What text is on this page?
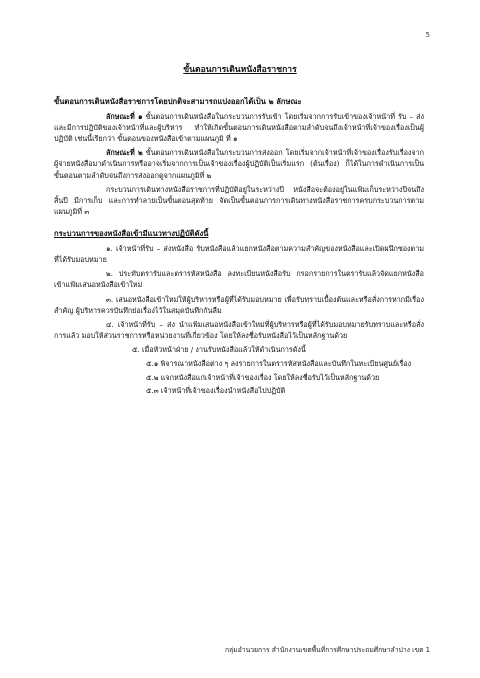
5
ขั้นตอนการเดินหนังสือราชการ

ขั้นตอนการเดินหนังสือราชการโดยปกติจะสามารถแบ่งออกได้เป็น ๒ ลักษณะ

ลักษณะที่ ๑ ขั้นตอนการเดินหนังสือในกระบวนการรับเข้า โดยเริ่มจากการรับเข้าของเจ้าหน้าที่ รับ – ส่ง และมีการปฏิบัติของเจ้าหน้าที่และผู้บริหาร ทำให้เกิดขั้นตอนการเดินหนังสือตามลำดับจนถึงเจ้าหน้าที่เจ้าของเรื่องเป็นผู้ปฏิบัติ เช่นนี้เรียกว่า ขั้นตอนของหนังสือเข้าตามแผนภูมิ ที่ ๑

ลักษณะที่ ๒ ขั้นตอนการเดินหนังสือในกระบวนการส่งออก โดยเริ่มจากเจ้าหน้าที่เจ้าของเรื่องรับเรื่องจากผู้จ่ายหนังสือมาดำเนินการหรืออาจเริ่มจากการเป็นเจ้าของเรื่องผู้ปฏิบัติเป็นเริ่มแรก (ต้นเรื่อง) ก็ได้ในการดำเนินการเป็นขั้นตอนตามลำดับจนถึงการส่งออกดูจากแผนภูมิที่ ๒

กระบวนการเดินทางหนังสือราชการที่ปฏิบัติอยู่ในระหว่างปี หนังสือจะต้องอยู่ในแฟ้มเก็บระหว่างปีจนถึงสิ้นปี มีการเก็บ และการทำลายเป็นขั้นตอนสุดท้าย จัดเป็นขั้นตอนการการเดินทางหนังสือราชการครบกระบวนการตามแผนภูมิที่ ๓

กระบวนการของหนังสือเข้ามีแนวทางปฏิบัติดังนี้

๑. เจ้าหน้าที่รับ – ส่งหนังสือ รับหนังสือแล้วแยกหนังสือตามความสำคัญของหนังสือและเปิดผนึกซองตามที่ได้รับมอบหมาย

๒. ประทับตรารับและตรารหัสหนังสือ ลงทะเบียนหนังสือรับ กรอกรายการในตรารับแล้วจัดแยกหนังสือเข้าแฟ้มเสนอหนังสือเข้าใหม่

๓. เสนอหนังสือเข้าใหม่ให้ผู้บริหารหรือผู้ที่ได้รับมอบหมาย เพื่อรับทราบเบื้องต้นและหรือสั่งการหากมีเรื่องสำคัญ ผู้บริหารควรบันทึกย่อเรื่องไว้ในสมุดบันทึกกันลืม

๔. เจ้าหน้าที่รับ – ส่ง นำแฟ้มเสนอหนังสือเข้าใหม่ที่ผู้บริหารหรือผู้ที่ได้รับมอบหมายรับทราบและหรือสั่งการแล้ว มอบให้ส่วนราชการหรือหน่วยงานที่เกี่ยวข้อง โดยให้ลงชื่อรับหนังสือไว้เป็นหลักฐานด้วย

๕. เมื่อหัวหน้าฝ่าย / งานรับหนังสือแล้วให้ดำเนินการดังนี้

๕.๑ พิจารณาหนังสือต่าง ๆ ลงรายการในตรารหัสหนังสือและบันทึกในทะเบียนศูนย์เรื่อง

๕.๒ แจกหนังสือแก่เจ้าหน้าที่เจ้าของเรื่อง โดยให้ลงชื่อรับไว้เป็นหลักฐานด้วย

๕.๓ เจ้าหน้าที่เจ้าของเรื่องนำหนังสือไปปฏิบัติ

กลุ่มอำนวยการ สำนักงานเขตพื้นที่การศึกษาประถมศึกษาลำปาง เขต 1
